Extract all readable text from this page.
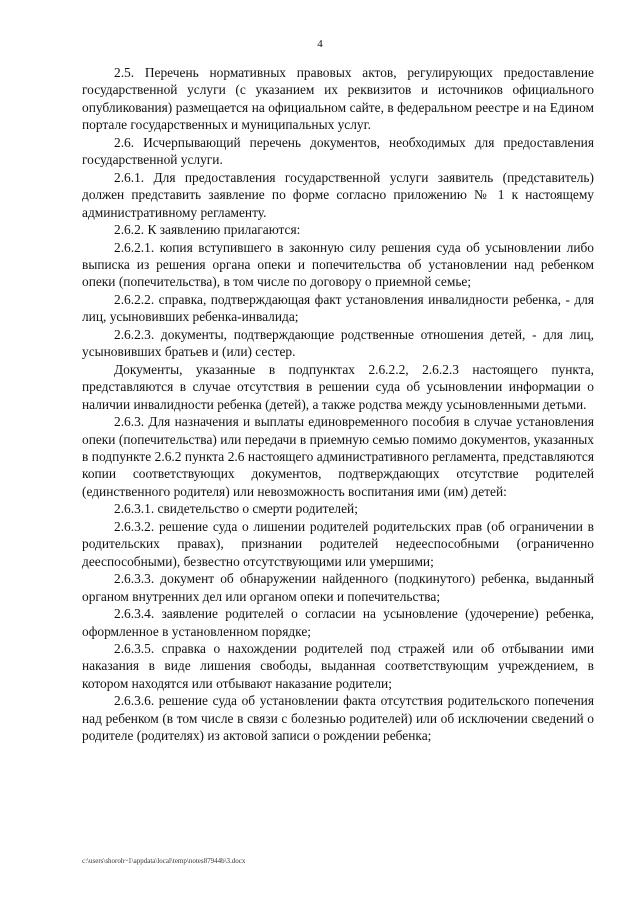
4

2.5. Перечень нормативных правовых актов, регулирующих предоставление государственной услуги (с указанием их реквизитов и источников официального опубликования) размещается на официальном сайте, в федеральном реестре и на Едином портале государственных и муниципальных услуг.

2.6. Исчерпывающий перечень документов, необходимых для предоставления государственной услуги.

2.6.1. Для предоставления государственной услуги заявитель (представитель) должен представить заявление по форме согласно приложению № 1 к настоящему административному регламенту.

2.6.2. К заявлению прилагаются:

2.6.2.1. копия вступившего в законную силу решения суда об усыновлении либо выписка из решения органа опеки и попечительства об установлении над ребенком опеки (попечительства), в том числе по договору о приемной семье;

2.6.2.2. справка, подтверждающая факт установления инвалидности ребенка, - для лиц, усыновивших ребенка-инвалида;

2.6.2.3. документы, подтверждающие родственные отношения детей, - для лиц, усыновивших братьев и (или) сестер.

Документы, указанные в подпунктах 2.6.2.2, 2.6.2.3 настоящего пункта, представляются в случае отсутствия в решении суда об усыновлении информации о наличии инвалидности ребенка (детей), а также родства между усыновленными детьми.

2.6.3. Для назначения и выплаты единовременного пособия в случае установления опеки (попечительства) или передачи в приемную семью помимо документов, указанных в подпункте 2.6.2 пункта 2.6 настоящего административного регламента, представляются копии соответствующих документов, подтверждающих отсутствие родителей (единственного родителя) или невозможность воспитания ими (им) детей:

2.6.3.1. свидетельство о смерти родителей;

2.6.3.2. решение суда о лишении родителей родительских прав (об ограничении в родительских правах), признании родителей недееспособными (ограниченно дееспособными), безвестно отсутствующими или умершими;

2.6.3.3. документ об обнаружении найденного (подкинутого) ребенка, выданный органом внутренних дел или органом опеки и попечительства;

2.6.3.4. заявление родителей о согласии на усыновление (удочерение) ребенка, оформленное в установленном порядке;

2.6.3.5. справка о нахождении родителей под стражей или об отбывании ими наказания в виде лишения свободы, выданная соответствующим учреждением, в котором находятся или отбывают наказание родители;

2.6.3.6. решение суда об установлении факта отсутствия родительского попечения над ребенком (в том числе в связи с болезнью родителей) или об исключении сведений о родителе (родителях) из актовой записи о рождении ребенка;

c:\users\shoroh~1\appdata\local\temp\notes87944b\3.docx
